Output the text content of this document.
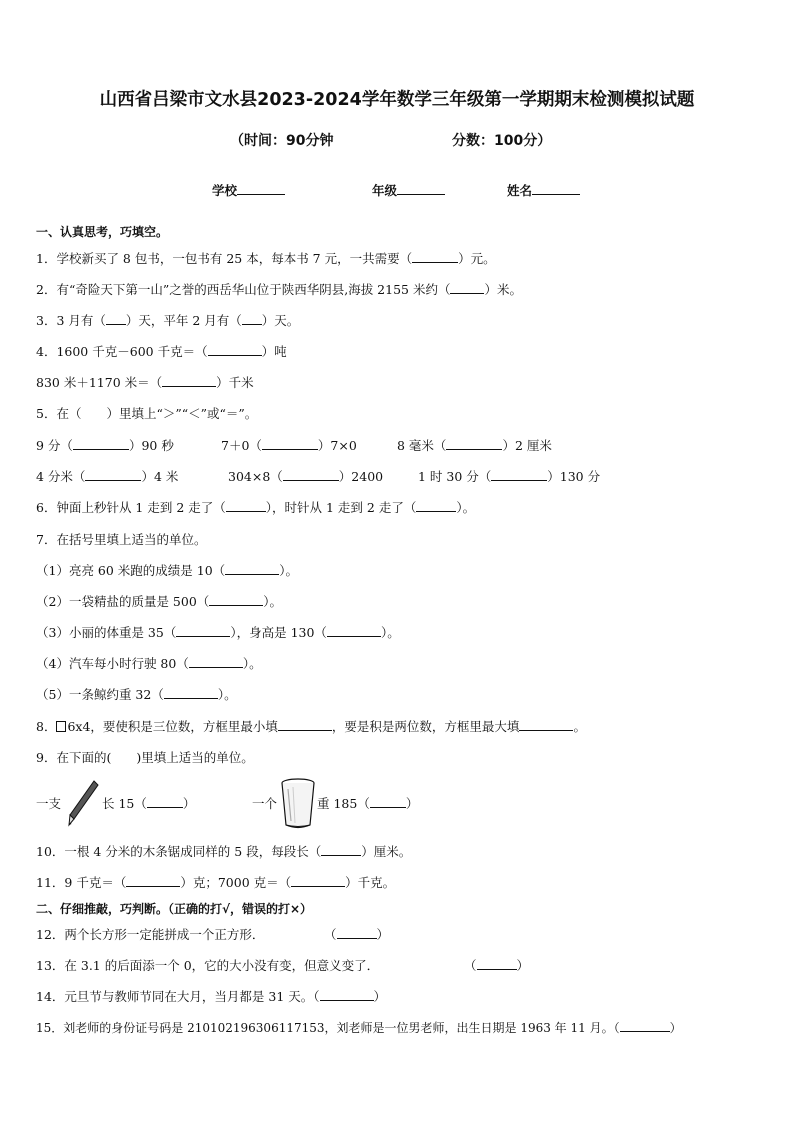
山西省吕梁市文水县2023-2024学年数学三年级第一学期期末检测模拟试题
（时间：90分钟	分数：100分）
学校	年级	姓名
一、认真思考，巧填空。
1．学校新买了 8 包书，一包书有 25 本，每本书 7 元，一共需要（	）元。
2．有“奇险天下第一山”之誉的西岳华山位于陕西华阴县,海拔 2155 米约（	）米。
3．3 月有（ ）天，平年 2 月有（ ）天。
4．1600 千克－600 千克＝（	）吨
830 米＋1170 米＝（	）千米
5．在（　　）里填上“＞”“＜”或“＝”。
9 分（	）90 秒	7＋0（	）7×0	8 毫米（	）2 厘米
4 分米（	）4 米	304×8（	）2400	1 时 30 分（	）130 分
6．钟面上秒针从 1 走到 2 走了（	），时针从 1 走到 2 走了（	）。
7．在括号里填上适当的单位。
（1）亮亮 60 米跑的成绩是 10（	）。
（2）一袋精盐的质量是 500（	）。
（3）小丽的体重是 35（	），身高是 130（	）。
（4）汽车每小时行驶 80（	）。
（5）一条鲸约重 32（	）。
8． 6x4，要使积是三位数，方框里最小填	，要是积是两位数，方框里最大填	。
9．在下面的(　　)里填上适当的单位。
一支	长 15（	）	一个	重 185（	）
10．一根 4 分米的木条锯成同样的 5 段，每段长（	）厘米。
11．9 千克＝（	）克；7000 克＝（	）千克。
二、仔细推敲，巧判断。（正确的打√，错误的打×）
12．两个长方形一定能拼成一个正方形．	（	）
13．在 3.1 的后面添一个 0，它的大小没有变，但意义变了．	（	）
14．元旦节与教师节同在大月，当月都是 31 天。（	）
15．刘老师的身份证号码是 210102196306117153，刘老师是一位男老师，出生日期是 1963 年 11 月。（	）
